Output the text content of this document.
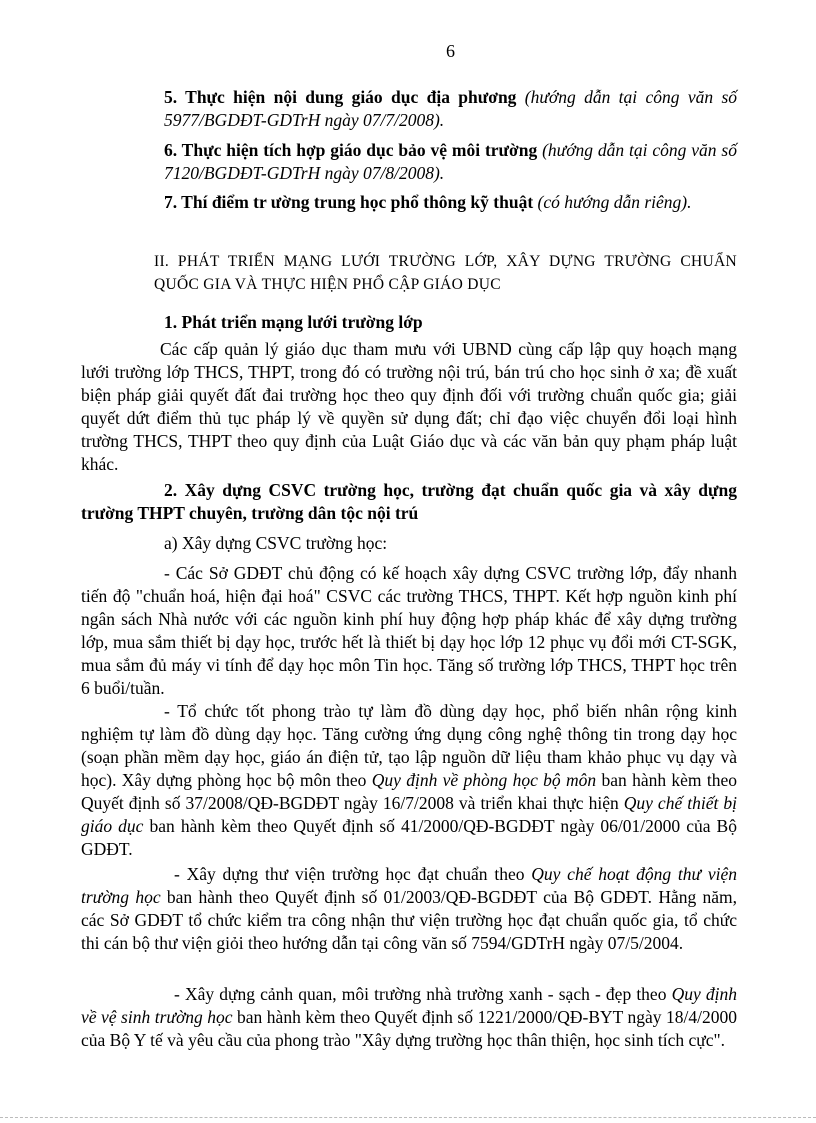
6

5. Thực hiện nội dung giáo dục địa phương (hướng dẫn tại công văn số 5977/BGDĐT-GDTrH ngày 07/7/2008).

6. Thực hiện tích hợp giáo dục bảo vệ môi trường (hướng dẫn tại công văn số 7120/BGDĐT-GDTrH ngày 07/8/2008).

7. Thí điểm tr ường trung học phổ thông kỹ thuật (có hướng dẫn riêng).

II. PHÁT TRIỂN MẠNG LƯỚI TRƯỜNG LỚP, XÂY DỰNG TRƯỜNG CHUẨN QUỐC GIA VÀ THỰC HIỆN PHỔ CẬP GIÁO DỤC

1. Phát triển mạng lưới trường lớp

Các cấp quản lý giáo dục tham mưu với UBND cùng cấp lập quy hoạch mạng lưới trường lớp THCS, THPT, trong đó có trường nội trú, bán trú cho học sinh ở xa; đề xuất biện pháp giải quyết đất đai trường học theo quy định đối với trường chuẩn quốc gia; giải quyết dứt điểm thủ tục pháp lý về quyền sử dụng đất; chỉ đạo việc chuyển đổi loại hình trường THCS, THPT theo quy định của Luật Giáo dục và các văn bản quy phạm pháp luật khác.

2. Xây dựng CSVC trường học, trường đạt chuẩn quốc gia và xây dựng trường THPT chuyên, trường dân tộc nội trú

a) Xây dựng CSVC trường học:

- Các Sở GDĐT chủ động có kế hoạch xây dựng CSVC trường lớp, đẩy nhanh tiến độ "chuẩn hoá, hiện đại hoá" CSVC các trường THCS, THPT. Kết hợp nguồn kinh phí ngân sách Nhà nước với các nguồn kinh phí huy động hợp pháp khác để xây dựng trường lớp, mua sắm thiết bị dạy học, trước hết là thiết bị dạy học lớp 12 phục vụ đổi mới CT-SGK, mua sắm đủ máy vi tính để dạy học môn Tin học. Tăng số trường lớp THCS, THPT học trên 6 buổi/tuần.

- Tổ chức tốt phong trào tự làm đồ dùng dạy học, phổ biến nhân rộng kinh nghiệm tự làm đồ dùng dạy học. Tăng cường ứng dụng công nghệ thông tin trong dạy học (soạn phần mềm dạy học, giáo án điện tử, tạo lập nguồn dữ liệu tham khảo phục vụ dạy và học). Xây dựng phòng học bộ môn theo Quy định về phòng học bộ môn ban hành kèm theo Quyết định số 37/2008/QĐ-BGDĐT ngày 16/7/2008 và triển khai thực hiện Quy chế thiết bị giáo dục ban hành kèm theo Quyết định số 41/2000/QĐ-BGDĐT ngày 06/01/2000 của Bộ GDĐT.

- Xây dựng thư viện trường học đạt chuẩn theo Quy chế hoạt động thư viện trường học ban hành theo Quyết định số 01/2003/QĐ-BGDĐT của Bộ GDĐT. Hằng năm, các Sở GDĐT tổ chức kiểm tra công nhận thư viện trường học đạt chuẩn quốc gia, tổ chức thi cán bộ thư viện giỏi theo hướng dẫn tại công văn số 7594/GDTrH ngày 07/5/2004.

- Xây dựng cảnh quan, môi trường nhà trường xanh - sạch - đẹp theo Quy định về vệ sinh trường học ban hành kèm theo Quyết định số 1221/2000/QĐ-BYT ngày 18/4/2000 của Bộ Y tế và yêu cầu của phong trào "Xây dựng trường học thân thiện, học sinh tích cực".
